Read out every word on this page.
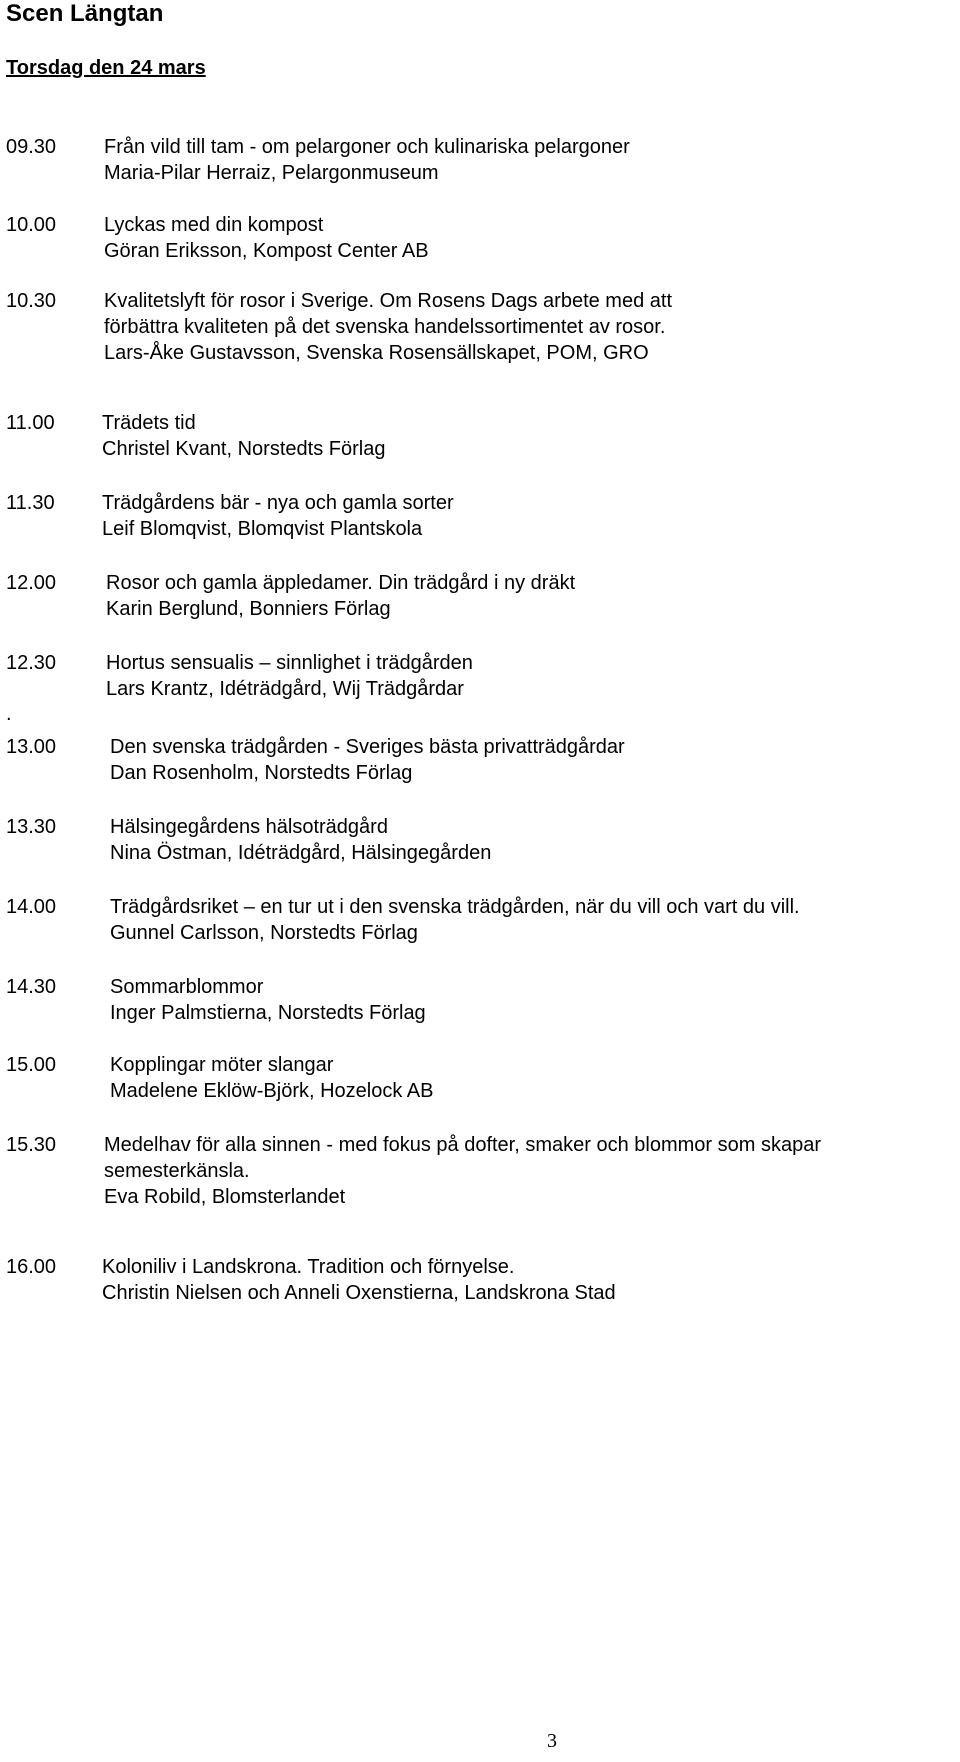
Scen Längtan
Torsdag den 24 mars
09.30 Från vild till tam - om pelargoner och kulinariska pelargoner
Maria-Pilar Herraiz, Pelargonmuseum
10.00 Lyckas med din kompost
Göran Eriksson, Kompost Center AB
10.30 Kvalitetslyft för rosor i Sverige. Om Rosens Dags arbete med att
förbättra kvaliteten på det svenska handelssortimentet av rosor.
Lars-Åke Gustavsson, Svenska Rosensällskapet, POM, GRO
11.00 Trädets tid
Christel Kvant, Norstedts Förlag
11.30 Trädgårdens bär - nya och gamla sorter
Leif Blomqvist, Blomqvist Plantskola
12.00 Rosor och gamla äppledamer. Din trädgård i ny dräkt
Karin Berglund, Bonniers Förlag
12.30 Hortus sensualis – sinnlighet i trädgården
Lars Krantz, Idéträdgård, Wij Trädgårdar
.
13.00	Den svenska trädgården - Sveriges bästa privatträdgårdar
Dan Rosenholm, Norstedts Förlag
13.30	Hälsingegårdens hälsoträdgård
Nina Östman, Idéträdgård, Hälsingegården
14.00	Trädgårdsriket – en tur ut i den svenska trädgården, när du vill och vart du vill.
Gunnel Carlsson, Norstedts Förlag
14.30	Sommarblommor
Inger Palmstierna, Norstedts Förlag
15.00	Kopplingar möter slangar
Madelene Eklöw-Björk, Hozelock AB
15.30 Medelhav för alla sinnen - med fokus på dofter, smaker och blommor som skapar
semesterkänsla.
Eva Robild, Blomsterlandet
16.00 Koloniliv i Landskrona. Tradition och förnyelse.
Christin Nielsen och Anneli Oxenstierna, Landskrona Stad
3
